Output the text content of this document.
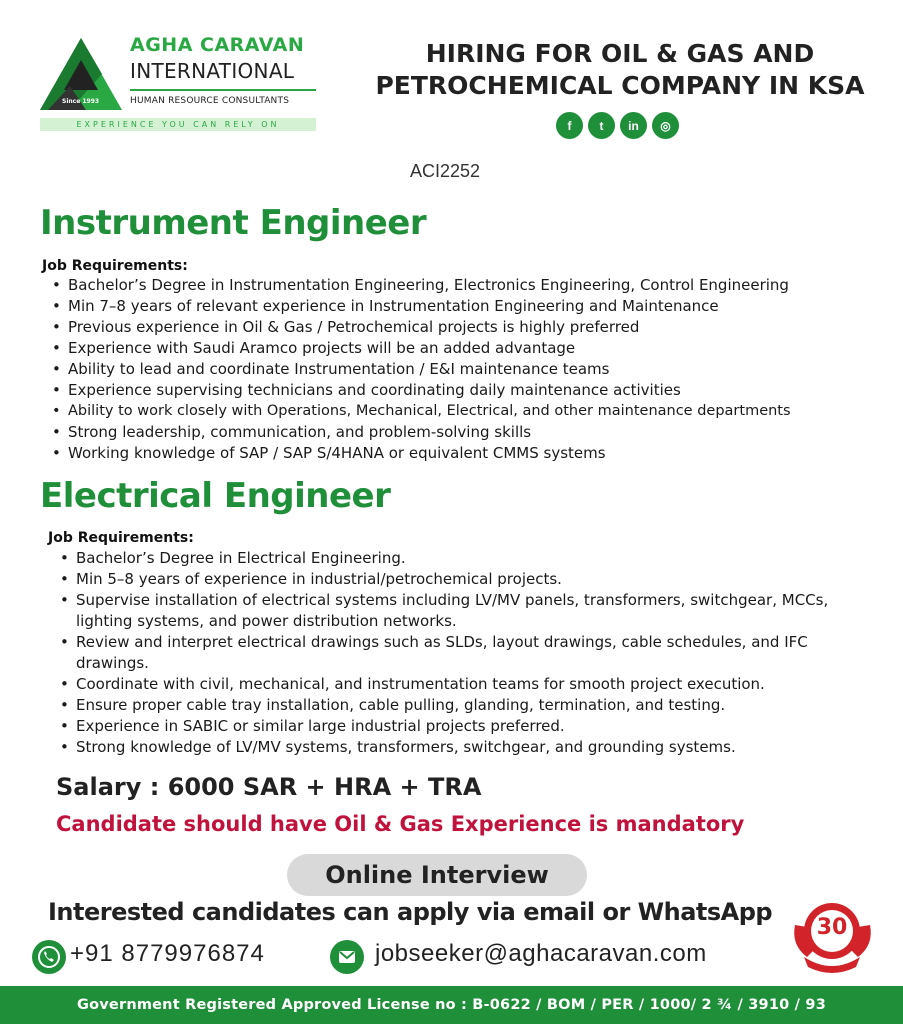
Since 1993
AGHA CARAVAN
INTERNATIONAL
HUMAN RESOURCE CONSULTANTS
EXPERIENCE YOU CAN RELY ON
HIRING FOR OIL & GAS AND
PETROCHEMICAL COMPANY IN KSA
f	t	in	◎
ACI2252
Instrument Engineer
Job Requirements:
• Bachelor’s Degree in Instrumentation Engineering, Electronics Engineering, Control Engineering
• Min 7–8 years of relevant experience in Instrumentation Engineering and Maintenance
• Previous experience in Oil & Gas / Petrochemical projects is highly preferred
• Experience with Saudi Aramco projects will be an added advantage
• Ability to lead and coordinate Instrumentation / E&I maintenance teams
• Experience supervising technicians and coordinating daily maintenance activities
• Ability to work closely with Operations, Mechanical, Electrical, and other maintenance departments
• Strong leadership, communication, and problem-solving skills
• Working knowledge of SAP / SAP S/4HANA or equivalent CMMS systems
Electrical Engineer
Job Requirements:
• Bachelor’s Degree in Electrical Engineering.
• Min 5–8 years of experience in industrial/petrochemical projects.
• Supervise installation of electrical systems including LV/MV panels, transformers, switchgear, MCCs, lighting systems, and power distribution networks.
• Review and interpret electrical drawings such as SLDs, layout drawings, cable schedules, and IFC drawings.
• Coordinate with civil, mechanical, and instrumentation teams for smooth project execution.
• Ensure proper cable tray installation, cable pulling, glanding, termination, and testing.
• Experience in SABIC or similar large industrial projects preferred.
• Strong knowledge of LV/MV systems, transformers, switchgear, and grounding systems.
Salary : 6000 SAR + HRA + TRA
Candidate should have Oil & Gas Experience is mandatory
Online Interview
Interested candidates can apply via email or WhatsApp
+91 8779976874	jobseeker@aghacaravan.com
30
Government Registered Approved License no : B-0622 / BOM / PER / 1000/ 2 ¾ / 3910 / 93
